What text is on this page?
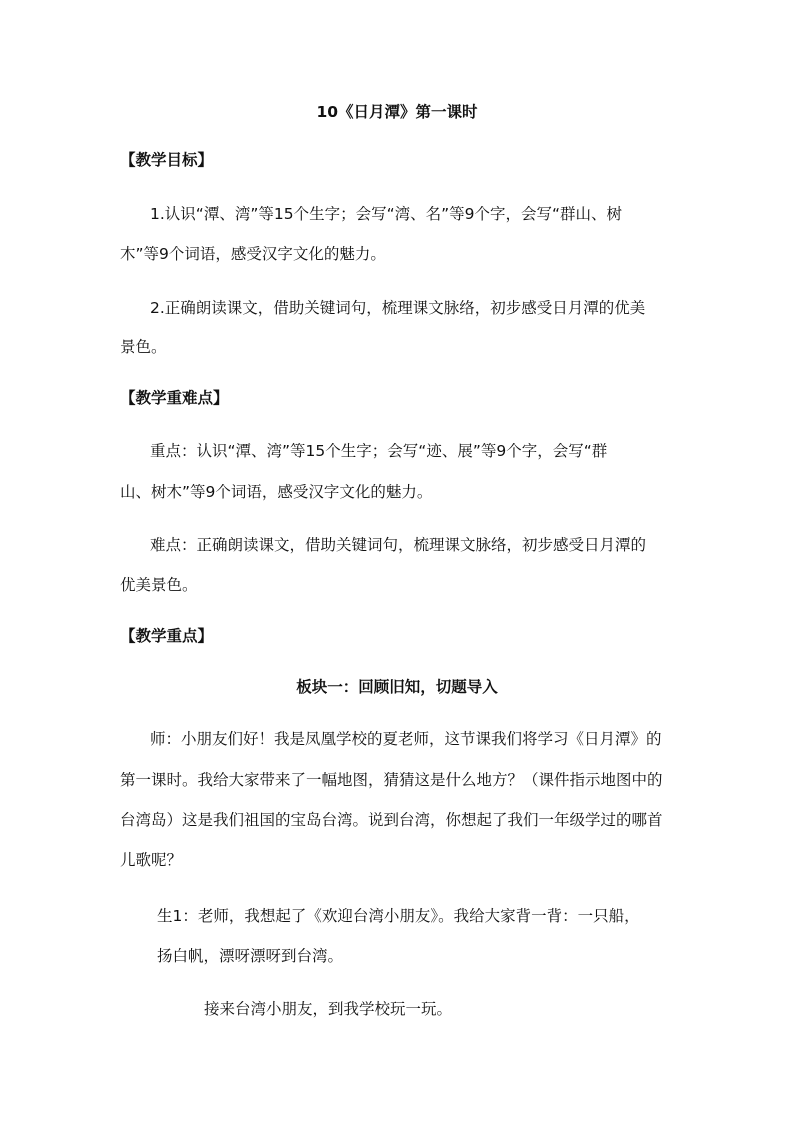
10《日月潭》第一课时

【教学目标】

1.认识“潭、湾”等15个生字；会写“湾、名”等9个字，会写“群山、树

木”等9个词语，感受汉字文化的魅力。

2.正确朗读课文，借助关键词句，梳理课文脉络，初步感受日月潭的优美

景色。

【教学重难点】

重点：认识“潭、湾”等15个生字；会写“迹、展”等9个字，会写“群

山、树木”等9个词语，感受汉字文化的魅力。

难点：正确朗读课文，借助关键词句，梳理课文脉络，初步感受日月潭的

优美景色。

【教学重点】

板块一：回顾旧知，切题导入

师：小朋友们好！我是凤凰学校的夏老师，这节课我们将学习《日月潭》的

第一课时。我给大家带来了一幅地图，猜猜这是什么地方？（课件指示地图中的

台湾岛）这是我们祖国的宝岛台湾。说到台湾，你想起了我们一年级学过的哪首

儿歌呢？

生1：老师，我想起了《欢迎台湾小朋友》。我给大家背一背：一只船，

扬白帆，漂呀漂呀到台湾。

接来台湾小朋友，到我学校玩一玩。
